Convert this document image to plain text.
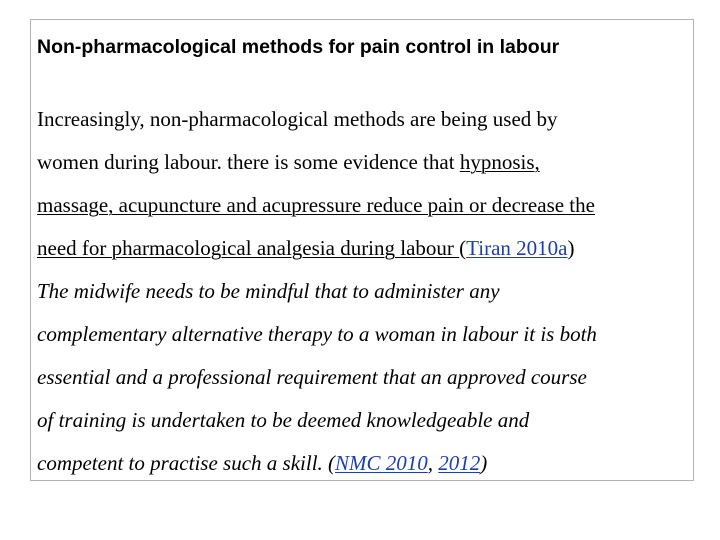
Non-pharmacological methods for pain control in labour
Increasingly, non-pharmacological methods are being used by
women during labour. there is some evidence that hypnosis,
massage, acupuncture and acupressure reduce pain or decrease the
need for pharmacological analgesia during labour (Tiran 2010a)
The midwife needs to be mindful that to administer any
complementary alternative therapy to a woman in labour it is both
essential and a professional requirement that an approved course
of training is undertaken to be deemed knowledgeable and
competent to practise such a skill. (NMC 2010, 2012)
